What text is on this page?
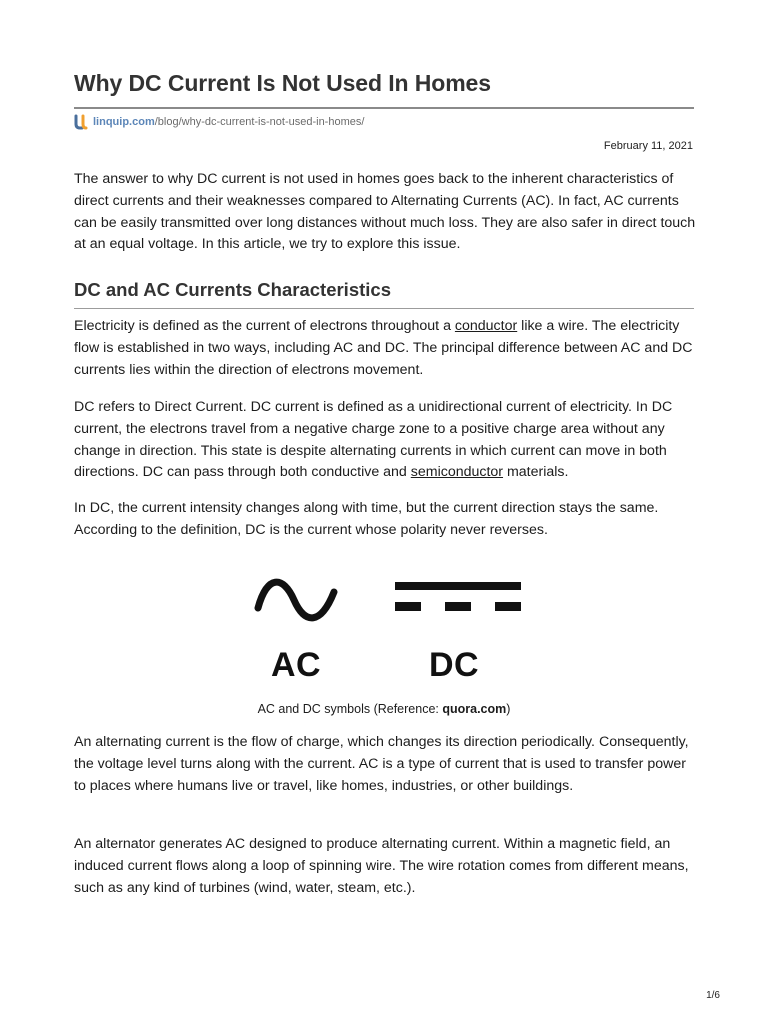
Why DC Current Is Not Used In Homes
linquip.com/blog/why-dc-current-is-not-used-in-homes/
February 11, 2021

The answer to why DC current is not used in homes goes back to the inherent characteristics of direct currents and their weaknesses compared to Alternating Currents (AC). In fact, AC currents can be easily transmitted over long distances without much loss. They are also safer in direct touch at an equal voltage. In this article, we try to explore this issue.

DC and AC Currents Characteristics

Electricity is defined as the current of electrons throughout a conductor like a wire. The electricity flow is established in two ways, including AC and DC. The principal difference between AC and DC currents lies within the direction of electrons movement.

DC refers to Direct Current. DC current is defined as a unidirectional current of electricity. In DC current, the electrons travel from a negative charge zone to a positive charge area without any change in direction. This state is despite alternating currents in which current can move in both directions. DC can pass through both conductive and semiconductor materials.

In DC, the current intensity changes along with time, but the current direction stays the same. According to the definition, DC is the current whose polarity never reverses.

AC	DC
AC and DC symbols (Reference: quora.com)

An alternating current is the flow of charge, which changes its direction periodically. Consequently, the voltage level turns along with the current. AC is a type of current that is used to transfer power to places where humans live or travel, like homes, industries, or other buildings.

An alternator generates AC designed to produce alternating current. Within a magnetic field, an induced current flows along a loop of spinning wire. The wire rotation comes from different means, such as any kind of turbines (wind, water, steam, etc.).

1/6
